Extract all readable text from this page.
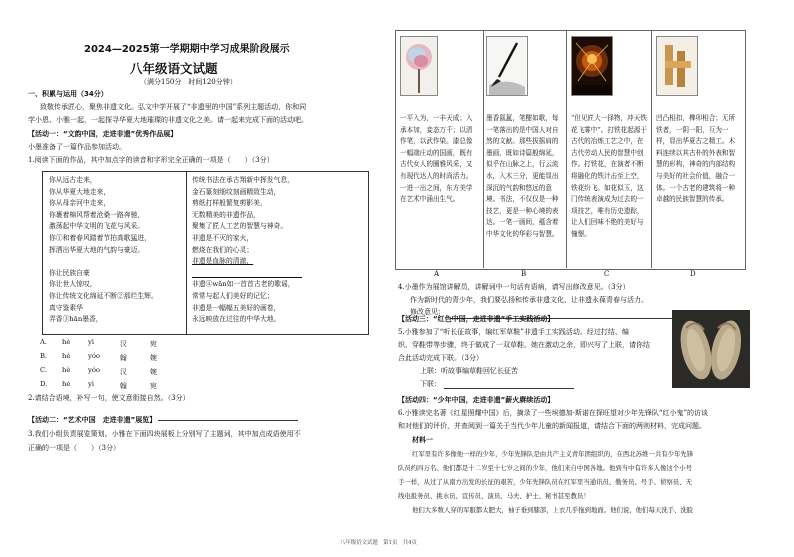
2024—2025第一学期期中学习成果阶段展示
八年级语文试题
（满分150分　时间120分钟）
一、积累与运用（34分）
致敬传承匠心，聚焦非遗文化。弘文中学开展了“非遗里的中国”系列主题活动，你和同
学小恩、小雅一起，一起探寻华夏大地璀璨的非遗文化之美。请一起来完成下面的活动吧。
【活动一：“文韵中国，走进非遗”优秀作品展】
小墨准备了一篇作品参加活动。
1.阅读下面的作品，其中加点字的读音和字形完全正确的一项是（　　）（3分）
你从远古走来，
你从华夏大地走来，
你从母亲河中走来，
你裹着棉风帮着沧桑一路奔驰，
激荡起中华文明的飞花与风采。
你①和着春风踏着节拍高歌猛进，
挥洒出华夏大地的气韵与豪迈。
你让民族自豪
你让世人惊叹，
你让传统文化绵延不断②那烂生辉。
真守鉴素华
弄香③hān墨香，
传统书法在承古翔新中挥发气息，
金石篆刻细纹刻画精致生动，
剪纸打样般繁复剪影美，
无数精美的非遗作品，
聚集了匠人工艺的智慧与神奇。
非遗是不灭的家火，
燃烧在我们的心灵；
非遗是血脉的清澈，
非遗④wǎn如一首首古老的歌谣，
常常与起人们美好的记忆；
非遗是一幅幅五美好的画卷，
永远映放在过往的中华大地。
A. hè	yì	汉	宛
B. hé	yóo	翰	婉
C. hè	yóo	汉	婉
D. hé	yì	翰	宛
2.请结合语境，补写一句，使文意衔接自然。（3分）
【活动二：“艺术中国　走进非遗”展览】
3.我们小组负责展览策划。小雅在下面四块展板上分别写了主题词，其中加点成语使用不
正确的一项是（　　）（3分）
一平入为，一丰天成；入承本加，妾态万千；以清作笔，以武作染。漆总像一幅端庄动的国画，既有古代女人的圈雅风采，又有现代达人的时尚活力。一进一出之间，东方美学在艺术中涌出生气。
墨香氤氲，笔酣如歌，每一笔落出的是中国人对自然的文献。那些拔摇肩的墨画，既如诗篇般绵延，似乎在山脉之上，行云流水，入木三分，更能显出深沉的气韵和悠远的意境。书法，不仅仅是一种技艺，更是一种心境的表达。一笔一画间，蕴含着中华文化的华彩与智慧。
“但见匠大一择物，冲天铁花飞雾中”。打铁花起源于古代的冶炼工艺之中，在古代劳动人民的智慧中创作。打铁花，在演者不断将融化的铁汁击至上空，铁花纷飞。如花似玉，这门传统表演成为过去的一项技艺，唯有历史遗踪，让人们回味不绝的美好与憧憬。
凹凸相扣，榫卯相合；无所铁者，一阴一阳，互为一样，显出华夏古之精工。木料连续以其古朴的外表和智慧的形构，神奇的内部结构与美好的社会价值，融合一体。一个古老的建筑将一种卓越的民族智慧的传承。
A	B	C	D
4.小墨作为展馆讲解员，讲解词中一句话有语病，请写出修改意见。（3分）
作为新时代的青少年，我们要弘扬和传承非遗文化，让非遗永葆青春与活力。
修改意见：
【活动三：“红色中国，走进非遗”手工实践活动】
5.小雅参加了“听长征故事，编红军草鞋”非遗手工实践活动。经过打结、编
织，穿鞋带等步骤，终于做成了一双草鞋。她在激动之余，即兴写了上联，请你结
合此活动完成下联。（3分）
上联：听故事编草鞋回忆长征苦
下联：
【活动四：“少年中国，走进非遗”薪火赓续活动】
6.小雅读完名著《红星照耀中国》后，摘录了一些埃德加·斯诺在探旺望对少年先锋队“红小鬼”的访谈
和对他们的评价，并查阅到一篇关于当代少年儿童的新闻报道，请结合下面的两则材料，完成问题。
材料一
红军里有许多像他一样的少年，少年先锋队是由共产主义青年团组织的，在西北苏维一共有少年先锋
队员约四万名。他们都是十二岁至十七岁之间的少年，他们来自中国各地。他到当中有许多人像这个小号
手一样，从过了从南方出发的长征的艰苦，少年先锋队员在红军里当通讯员、勤务员、号手、侦察员、无
线电报务员、挑水员、宣传员、演员、马夫、护士、秘书甚至教员！
他们大多数人穿的军服都太肥大，袖子垂到膝部，上衣几乎拖到地面。他们说，他们每天洗手、洗脸
八年级语文试题　第1页　共4页
